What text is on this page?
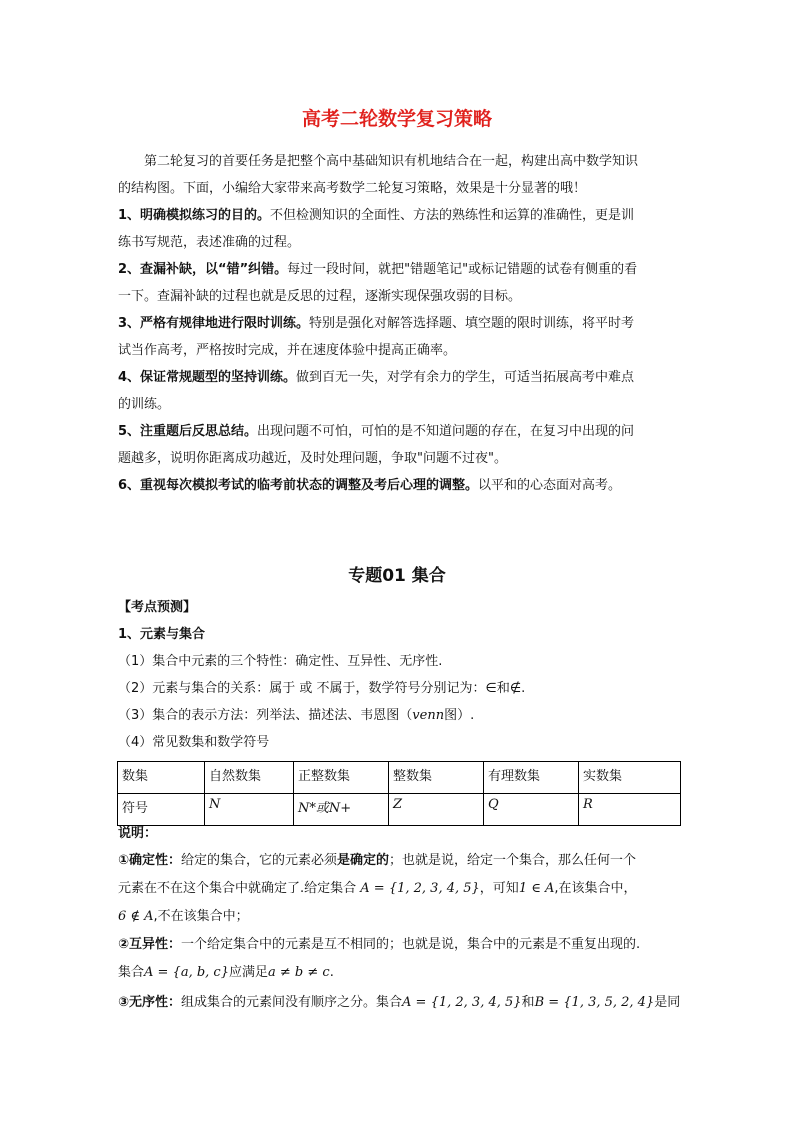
高考二轮数学复习策略
第二轮复习的首要任务是把整个高中基础知识有机地结合在一起，构建出高中数学知识
的结构图。下面，小编给大家带来高考数学二轮复习策略，效果是十分显著的哦！
1、明确模拟练习的目的。不但检测知识的全面性、方法的熟练性和运算的准确性，更是训
练书写规范，表述准确的过程。
2、查漏补缺，以“错”纠错。每过一段时间，就把"错题笔记"或标记错题的试卷有侧重的看
一下。查漏补缺的过程也就是反思的过程，逐渐实现保强攻弱的目标。
3、严格有规律地进行限时训练。特别是强化对解答选择题、填空题的限时训练，将平时考
试当作高考，严格按时完成，并在速度体验中提高正确率。
4、保证常规题型的坚持训练。做到百无一失，对学有余力的学生，可适当拓展高考中难点
的训练。
5、注重题后反思总结。出现问题不可怕，可怕的是不知道问题的存在，在复习中出现的问
题越多，说明你距离成功越近，及时处理问题，争取"问题不过夜"。
6、重视每次模拟考试的临考前状态的调整及考后心理的调整。以平和的心态面对高考。
专题01 集合
【考点预测】
1、元素与集合
（1）集合中元素的三个特性：确定性、互异性、无序性.
（2）元素与集合的关系：属于 或 不属于，数学符号分别记为：∈和∉.
（3）集合的表示方法：列举法、描述法、韦恩图（venn图）.
（4）常见数集和数学符号
数集	自然数集	正整数集	整数集	有理数集	实数集
符号	N	N*或N+	Z	Q	R
说明：
①确定性：给定的集合，它的元素必须是确定的；也就是说，给定一个集合，那么任何一个
元素在不在这个集合中就确定了.给定集合 A = {1, 2, 3, 4, 5}，可知1 ∈ A,在该集合中，
6 ∉ A,不在该集合中；
②互异性：一个给定集合中的元素是互不相同的；也就是说，集合中的元素是不重复出现的.
集合A = {a, b, c}应满足a ≠ b ≠ c.
③无序性：组成集合的元素间没有顺序之分。集合A = {1, 2, 3, 4, 5}和B = {1, 3, 5, 2, 4}是同
